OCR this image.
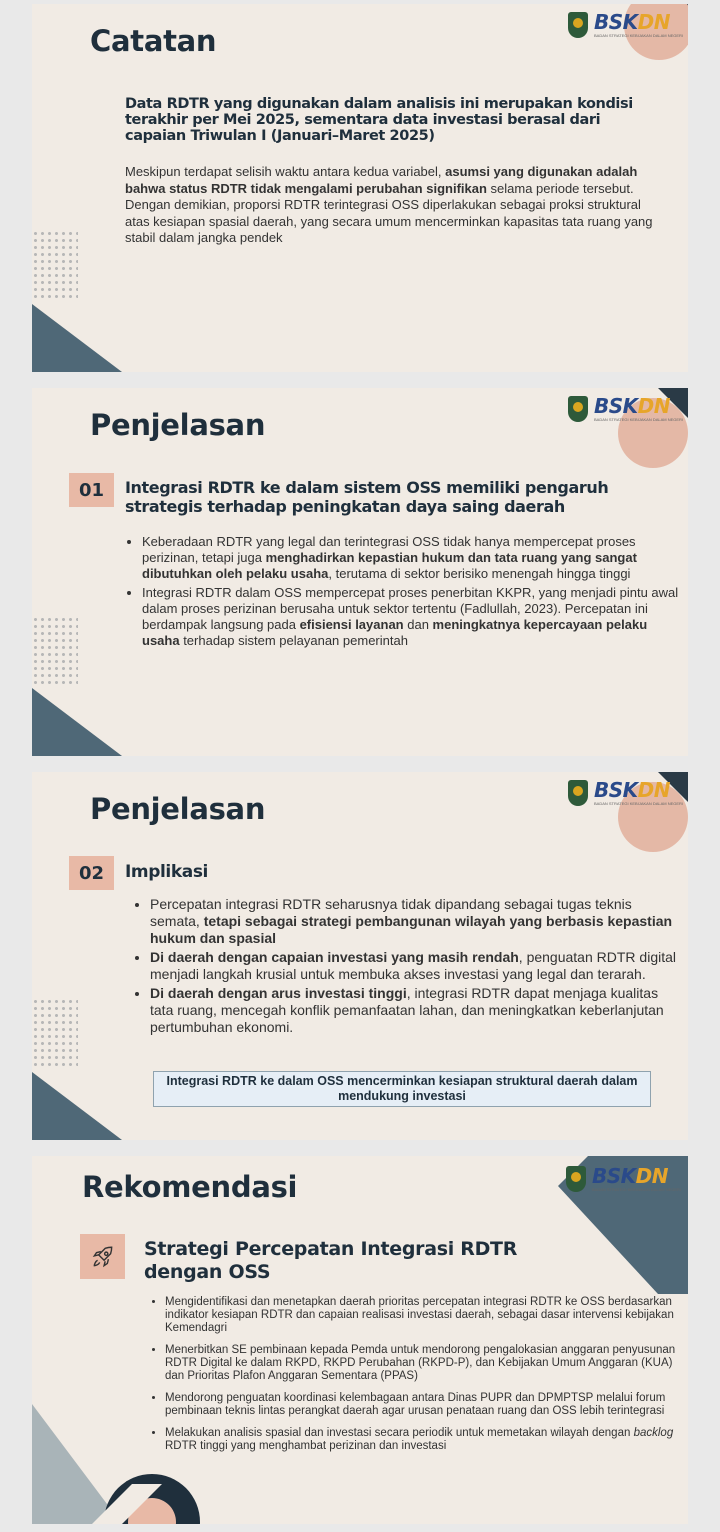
BSKDN
BADAN STRATEGI KEBIJAKAN DALAM NEGERI
Catatan

Data RDTR yang digunakan dalam analisis ini merupakan kondisi terakhir per Mei 2025, sementara data investasi berasal dari capaian Triwulan I (Januari–Maret 2025)

Meskipun terdapat selisih waktu antara kedua variabel, asumsi yang digunakan adalah bahwa status RDTR tidak mengalami perubahan signifikan selama periode tersebut. Dengan demikian, proporsi RDTR terintegrasi OSS diperlakukan sebagai proksi struktural atas kesiapan spasial daerah, yang secara umum mencerminkan kapasitas tata ruang yang stabil dalam jangka pendek

BSKDN
BADAN STRATEGI KEBIJAKAN DALAM NEGERI
Penjelasan
01	Integrasi RDTR ke dalam sistem OSS memiliki pengaruh strategis terhadap peningkatan daya saing daerah

• Keberadaan RDTR yang legal dan terintegrasi OSS tidak hanya mempercepat proses perizinan, tetapi juga menghadirkan kepastian hukum dan tata ruang yang sangat dibutuhkan oleh pelaku usaha, terutama di sektor berisiko menengah hingga tinggi
• Integrasi RDTR dalam OSS mempercepat proses penerbitan KKPR, yang menjadi pintu awal dalam proses perizinan berusaha untuk sektor tertentu (Fadlullah, 2023). Percepatan ini berdampak langsung pada efisiensi layanan dan meningkatnya kepercayaan pelaku usaha terhadap sistem pelayanan pemerintah
BSKDN
BADAN STRATEGI KEBIJAKAN DALAM NEGERI
Penjelasan
02	Implikasi

• Percepatan integrasi RDTR seharusnya tidak dipandang sebagai tugas teknis semata, tetapi sebagai strategi pembangunan wilayah yang berbasis kepastian hukum dan spasial
• Di daerah dengan capaian investasi yang masih rendah, penguatan RDTR digital menjadi langkah krusial untuk membuka akses investasi yang legal dan terarah.
• Di daerah dengan arus investasi tinggi, integrasi RDTR dapat menjaga kualitas tata ruang, mencegah konflik pemanfaatan lahan, dan meningkatkan keberlanjutan pertumbuhan ekonomi.
Integrasi RDTR ke dalam OSS mencerminkan kesiapan struktural daerah dalam mendukung investasi
BSKDN
BADAN STRATEGI KEBIJAKAN DALAM NEGERI
Rekomendasi

Strategi Percepatan Integrasi RDTR dengan OSS

• Mengidentifikasi dan menetapkan daerah prioritas percepatan integrasi RDTR ke OSS berdasarkan indikator kesiapan RDTR dan capaian realisasi investasi daerah, sebagai dasar intervensi kebijakan Kemendagri
• Menerbitkan SE pembinaan kepada Pemda untuk mendorong pengalokasian anggaran penyusunan RDTR Digital ke dalam RKPD, RKPD Perubahan (RKPD-P), dan Kebijakan Umum Anggaran (KUA) dan Prioritas Plafon Anggaran Sementara (PPAS)
• Mendorong penguatan koordinasi kelembagaan antara Dinas PUPR dan DPMPTSP melalui forum pembinaan teknis lintas perangkat daerah agar urusan penataan ruang dan OSS lebih terintegrasi
• Melakukan analisis spasial dan investasi secara periodik untuk memetakan wilayah dengan backlog RDTR tinggi yang menghambat perizinan dan investasi
